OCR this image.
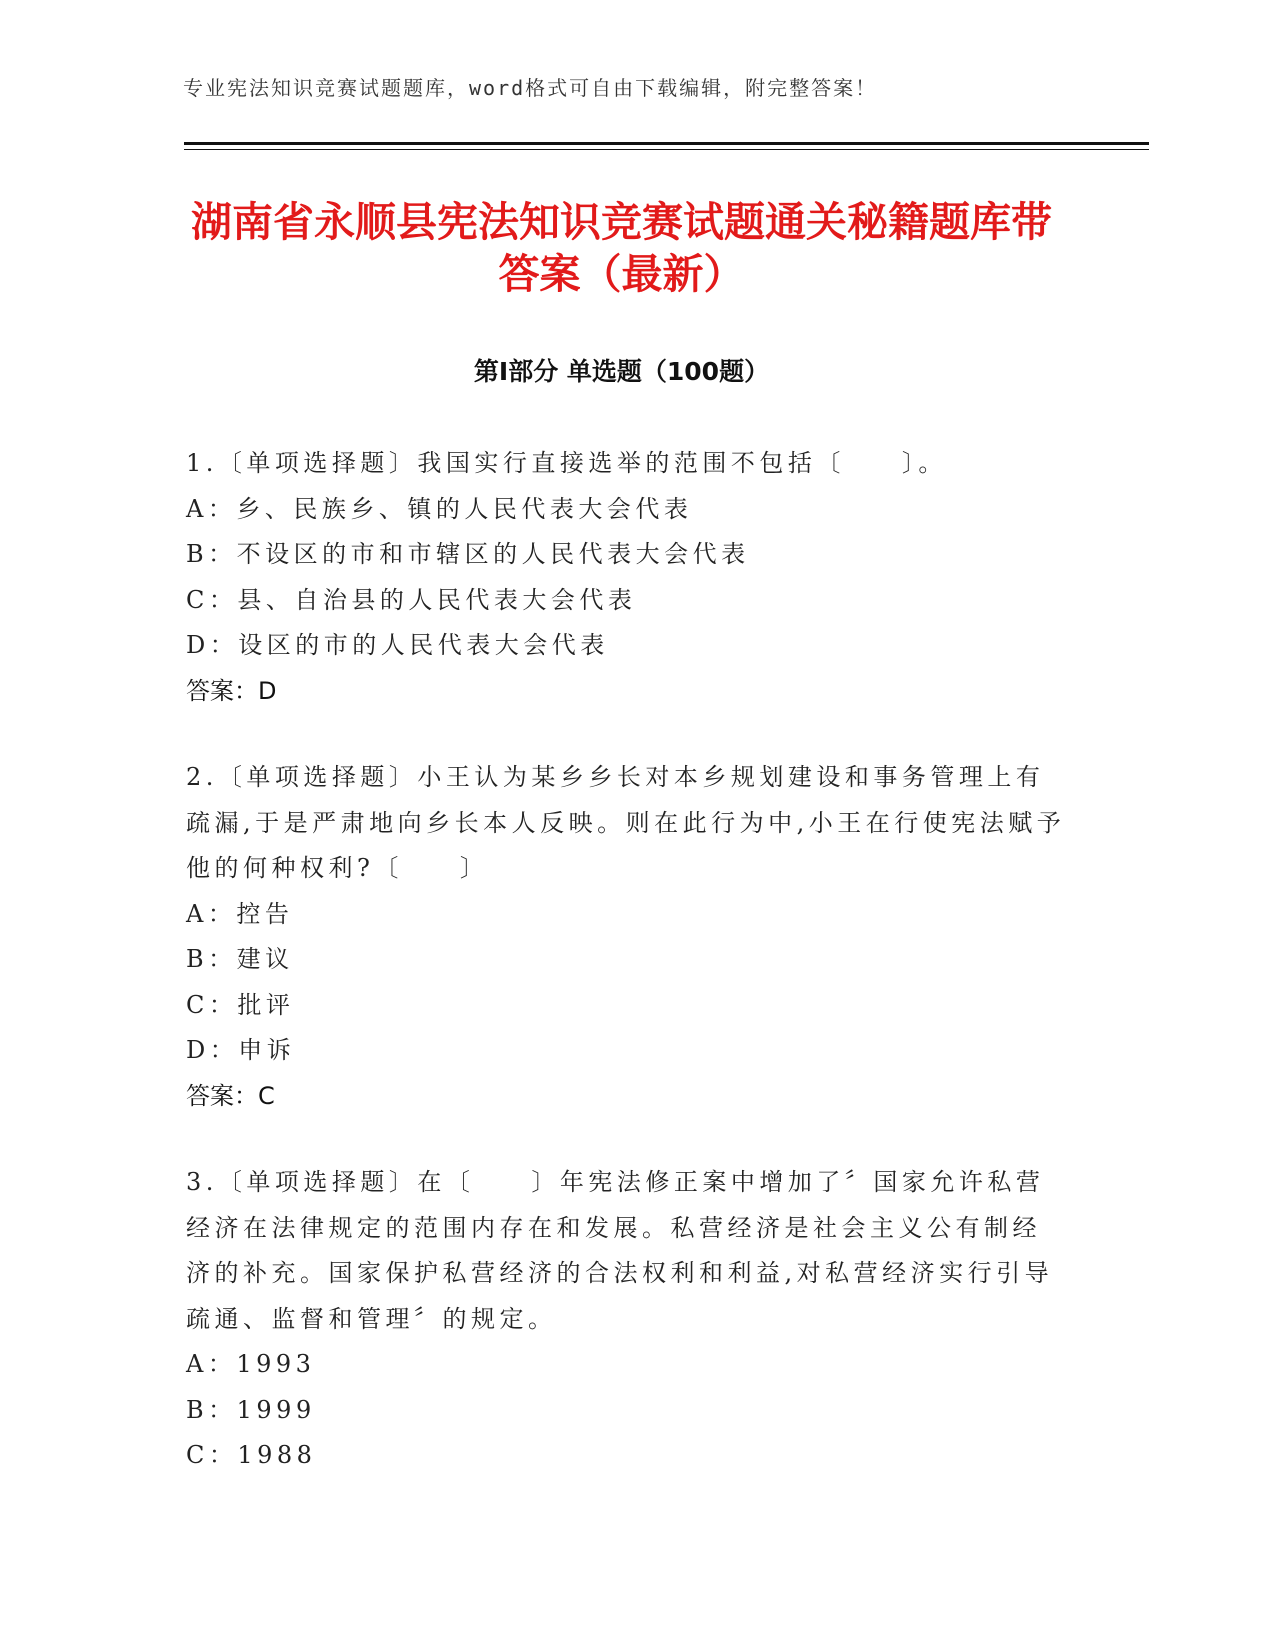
专业宪法知识竞赛试题题库，word格式可自由下载编辑，附完整答案！
湖南省永顺县宪法知识竞赛试题通关秘籍题库带答案（最新）
第Ⅰ部分 单选题（100题）
1.〔单项选择题〕我国实行直接选举的范围不包括〔　　〕。
A：乡、民族乡、镇的人民代表大会代表
B：不设区的市和市辖区的人民代表大会代表
C：县、自治县的人民代表大会代表
D：设区的市的人民代表大会代表
答案：D
2.〔单项选择题〕小王认为某乡乡长对本乡规划建设和事务管理上有疏漏,于是严肃地向乡长本人反映。则在此行为中,小王在行使宪法赋予他的何种权利?〔　　〕
A：控告
B：建议
C：批评
D：申诉
答案：C
3.〔单项选择题〕在〔　　〕年宪法修正案中增加了〞国家允许私营经济在法律规定的范围内存在和发展。私营经济是社会主义公有制经济的补充。国家保护私营经济的合法权利和利益,对私营经济实行引导疏通、监督和管理〞的规定。
A：1993
B：1999
C：1988
